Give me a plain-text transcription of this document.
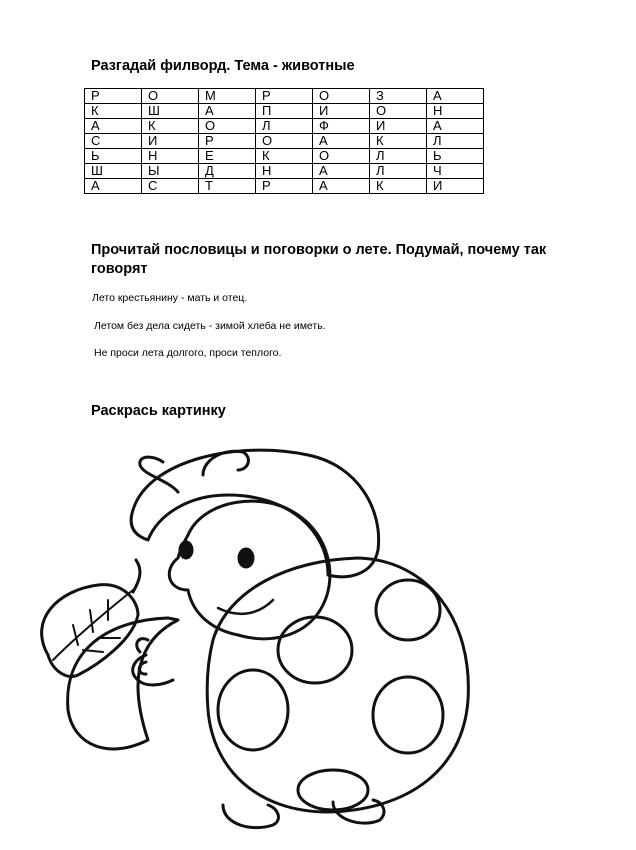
Разгадай филворд. Тема - животные
Р	О	М	Р	О	З	А
К	Ш	А	П	И	О	Н
А	К	О	Л	Ф	И	А
С	И	Р	О	А	К	Л
Ь	Н	Е	К	О	Л	Ь
Ш	Ы	Д	Н	А	Л	Ч
А	С	Т	Р	А	К	И
Прочитай пословицы и поговорки о лете. Подумай, почему так говорят

Лето крестьянину - мать и отец.

Летом без дела сидеть - зимой хлеба не иметь.

Не проси лета долгого, проси теплого.

Раскрась картинку
